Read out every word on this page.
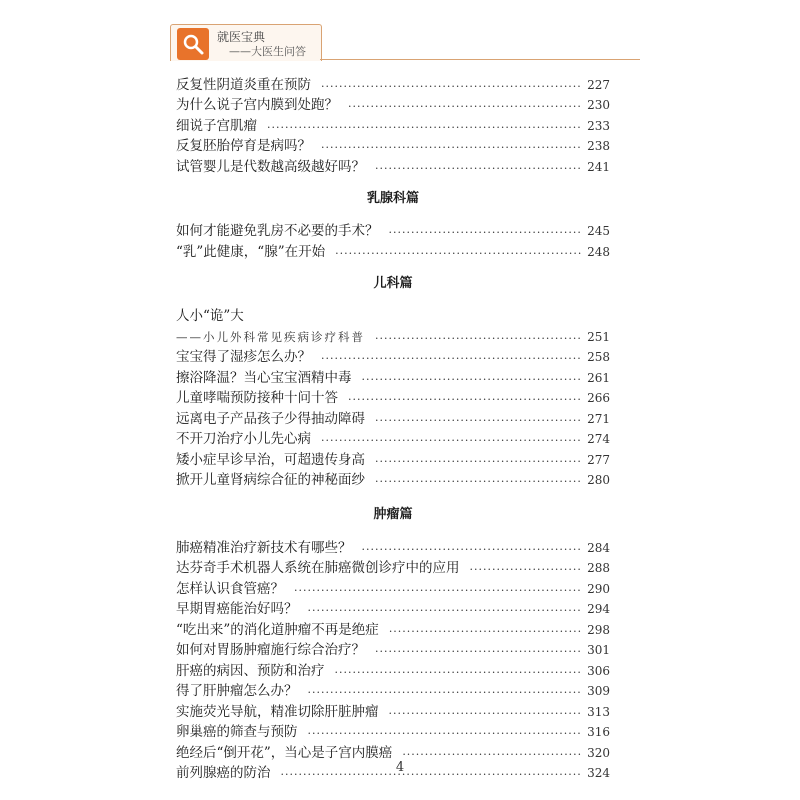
就医宝典
——大医生问答
反复性阴道炎重在预防 ·····	227
为什么说子宫内膜到处跑？ ·····	230
细说子宫肌瘤 ·····	233
反复胚胎停育是病吗？ ·····	238
试管婴儿是代数越高级越好吗？ ·····	241
乳腺科篇
如何才能避免乳房不必要的手术？ ·····	245
“乳”此健康，“腺”在开始 ·····	248
儿科篇
人小“诡”大
——小儿外科常见疾病诊疗科普 ·····	251
宝宝得了湿疹怎么办？ ·····	258
擦浴降温？当心宝宝酒精中毒 ·····	261
儿童哮喘预防接种十问十答 ·····	266
远离电子产品孩子少得抽动障碍 ·····	271
不开刀治疗小儿先心病 ·····	274
矮小症早诊早治，可超遗传身高 ·····	277
掀开儿童肾病综合征的神秘面纱 ·····	280
肿瘤篇
肺癌精准治疗新技术有哪些？ ·····	284
达芬奇手术机器人系统在肺癌微创诊疗中的应用 ·····	288
怎样认识食管癌？ ·····	290
早期胃癌能治好吗？ ·····	294
“吃出来”的消化道肿瘤不再是绝症 ·····	298
如何对胃肠肿瘤施行综合治疗？ ·····	301
肝癌的病因、预防和治疗 ·····	306
得了肝肿瘤怎么办？ ·····	309
实施荧光导航，精准切除肝脏肿瘤 ·····	313
卵巢癌的筛查与预防 ·····	316
绝经后“倒开花”，当心是子宫内膜癌 ·····	320
前列腺癌的防治 ·····	324
4
